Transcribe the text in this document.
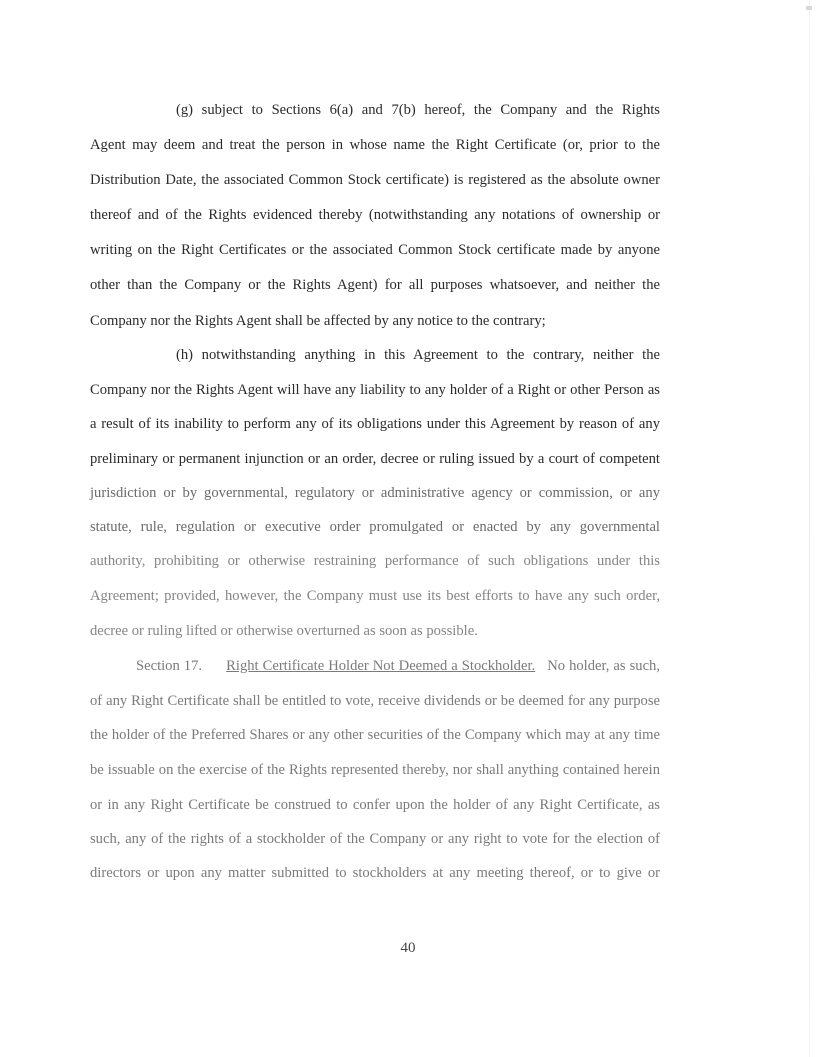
(g) subject to Sections 6(a) and 7(b) hereof, the Company and the Rights
Agent may deem and treat the person in whose name the Right Certificate (or, prior to the
Distribution Date, the associated Common Stock certificate) is registered as the absolute owner
thereof and of the Rights evidenced thereby (notwithstanding any notations of ownership or
writing on the Right Certificates or the associated Common Stock certificate made by anyone
other than the Company or the Rights Agent) for all purposes whatsoever, and neither the
Company nor the Rights Agent shall be affected by any notice to the contrary;
(h) notwithstanding anything in this Agreement to the contrary, neither the
Company nor the Rights Agent will have any liability to any holder of a Right or other Person as
a result of its inability to perform any of its obligations under this Agreement by reason of any
preliminary or permanent injunction or an order, decree or ruling issued by a court of competent
jurisdiction or by governmental, regulatory or administrative agency or commission, or any
statute, rule, regulation or executive order promulgated or enacted by any governmental
authority, prohibiting or otherwise restraining performance of such obligations under this
Agreement; provided, however, the Company must use its best efforts to have any such order,
decree or ruling lifted or otherwise overturned as soon as possible.
Section 17. Right Certificate Holder Not Deemed a Stockholder. No holder, as such,
of any Right Certificate shall be entitled to vote, receive dividends or be deemed for any purpose
the holder of the Preferred Shares or any other securities of the Company which may at any time
be issuable on the exercise of the Rights represented thereby, nor shall anything contained herein
or in any Right Certificate be construed to confer upon the holder of any Right Certificate, as
such, any of the rights of a stockholder of the Company or any right to vote for the election of
directors or upon any matter submitted to stockholders at any meeting thereof, or to give or
40
